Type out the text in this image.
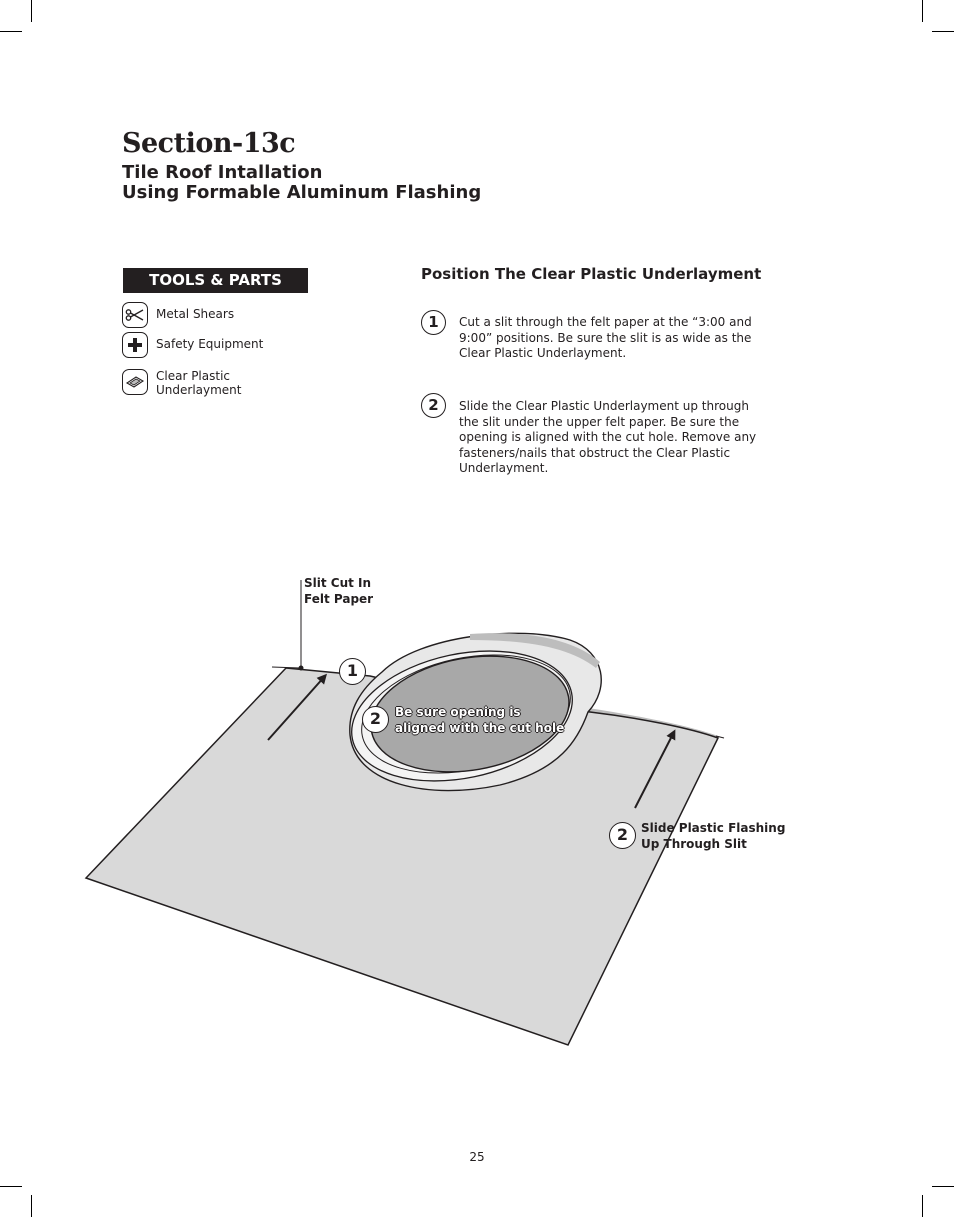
Section-13c
Tile Roof Intallation
Using Formable Aluminum Flashing
TOOLS & PARTS
Metal Shears
Safety Equipment
Clear Plastic Underlayment
Position The Clear Plastic Underlayment
1	Cut a slit through the felt paper at the “3:00 and 9:00” positions. Be sure the slit is as wide as the Clear Plastic Underlayment.
2	Slide the Clear Plastic Underlayment up through the slit under the upper felt paper. Be sure the opening is aligned with the cut hole. Remove any fasteners/nails that obstruct the Clear Plastic Underlayment.
Slit Cut In
Felt Paper
1
2	Be sure opening is
aligned with the cut hole
2	Slide Plastic Flashing
Up Through Slit
25
